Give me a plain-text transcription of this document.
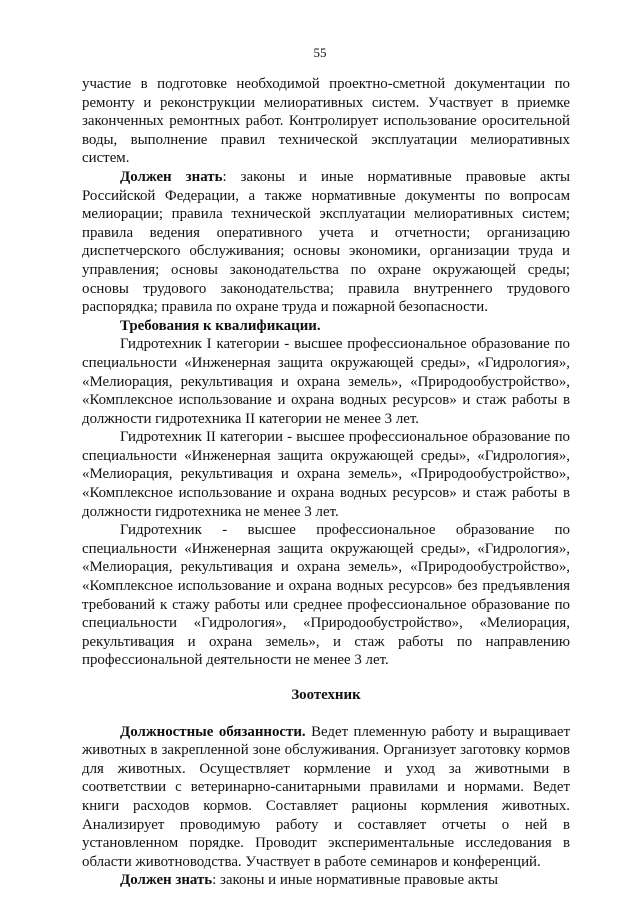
55

участие в подготовке необходимой проектно-сметной документации по ремонту и реконструкции мелиоративных систем. Участвует в приемке законченных ремонтных работ. Контролирует использование оросительной воды, выполнение правил технической эксплуатации мелиоративных систем.

Должен знать: законы и иные нормативные правовые акты Российской Федерации, а также нормативные документы по вопросам мелиорации; правила технической эксплуатации мелиоративных систем; правила ведения оперативного учета и отчетности; организацию диспетчерского обслуживания; основы экономики, организации труда и управления; основы законодательства по охране окружающей среды; основы трудового законодательства; правила внутреннего трудового распорядка; правила по охране труда и пожарной безопасности.

Требования к квалификации.

Гидротехник I категории - высшее профессиональное образование по специальности «Инженерная защита окружающей среды», «Гидрология», «Мелиорация, рекультивация и охрана земель», «Природообустройство», «Комплексное использование и охрана водных ресурсов» и стаж работы в должности гидротехника II категории не менее 3 лет.

Гидротехник II категории - высшее профессиональное образование по специальности «Инженерная защита окружающей среды», «Гидрология», «Мелиорация, рекультивация и охрана земель», «Природообустройство», «Комплексное использование и охрана водных ресурсов» и стаж работы в должности гидротехника не менее 3 лет.

Гидротехник - высшее профессиональное образование по специальности «Инженерная защита окружающей среды», «Гидрология», «Мелиорация, рекультивация и охрана земель», «Природообустройство», «Комплексное использование и охрана водных ресурсов» без предъявления требований к стажу работы или среднее профессиональное образование по специальности «Гидрология», «Природообустройство», «Мелиорация, рекультивация и охрана земель», и стаж работы по направлению профессиональной деятельности не менее 3 лет.

Зоотехник

Должностные обязанности. Ведет племенную работу и выращивает животных в закрепленной зоне обслуживания. Организует заготовку кормов для животных. Осуществляет кормление и уход за животными в соответствии с ветеринарно-санитарными правилами и нормами. Ведет книги расходов кормов. Составляет рационы кормления животных. Анализирует проводимую работу и составляет отчеты о ней в установленном порядке. Проводит экспериментальные исследования в области животноводства. Участвует в работе семинаров и конференций.

Должен знать: законы и иные нормативные правовые акты
